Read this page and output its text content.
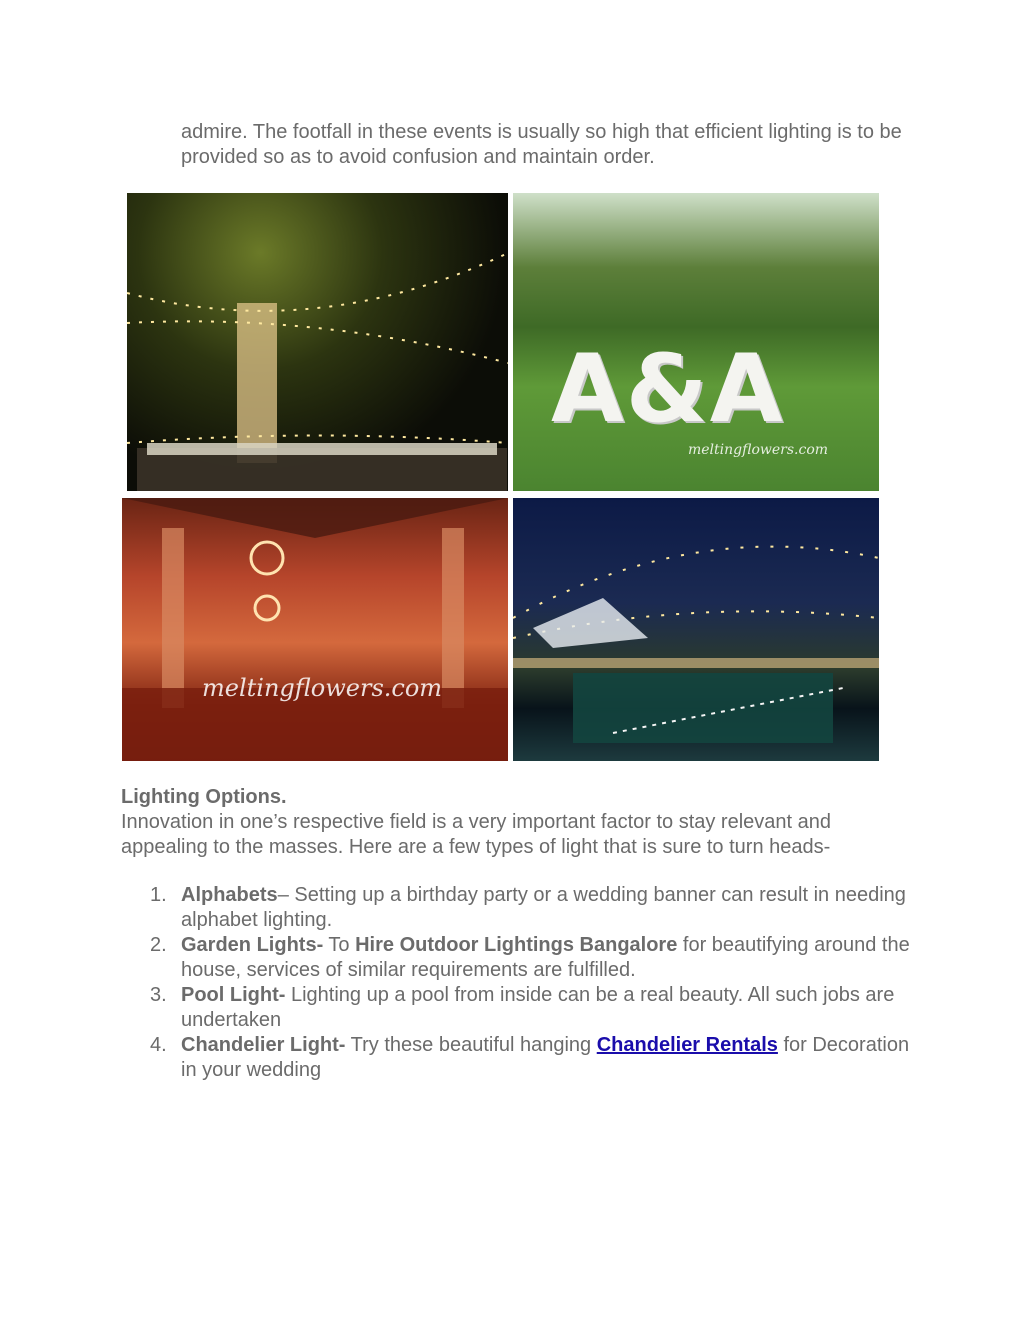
admire. The footfall in these events is usually so high that efficient lighting is to be provided so as to avoid confusion and maintain order.

A&A
meltingflowers.com
meltingflowers.com

Lighting Options.

Innovation in one’s respective field is a very important factor to stay relevant and appealing to the masses. Here are a few types of light that is sure to turn heads-

1. Alphabets– Setting up a birthday party or a wedding banner can result in needing alphabet lighting.
2. Garden Lights- To Hire Outdoor Lightings Bangalore for beautifying around the house, services of similar requirements are fulfilled.
3. Pool Light- Lighting up a pool from inside can be a real beauty. All such jobs are undertaken
4. Chandelier Light- Try these beautiful hanging Chandelier Rentals for Decoration in your wedding
